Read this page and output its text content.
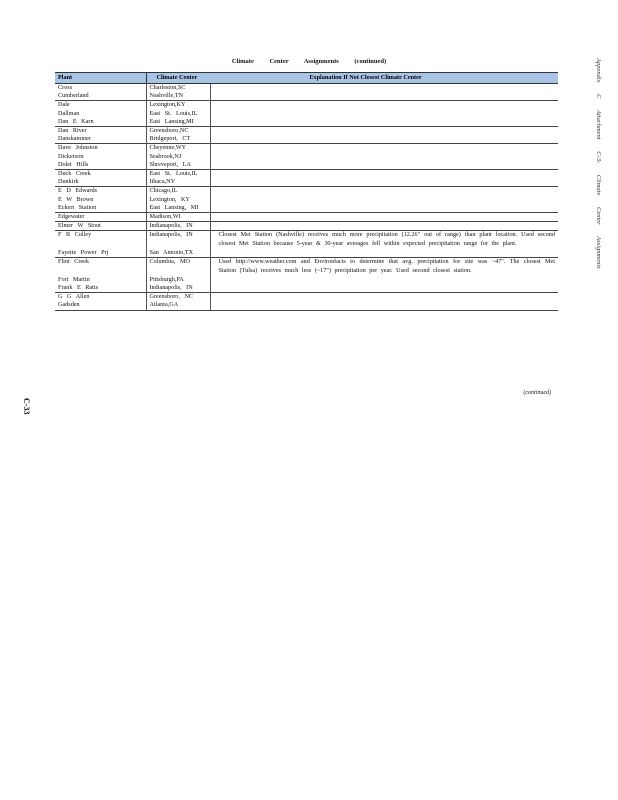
Climate Center Assignments (continued)
Plant	Climate Center	Explanation If Not Closest Climate Center
Cross	Charleston,SC	
Cumberland	Nashville,TN	
Dale	Lexington,KY	
Dallman	East St. Louis,IL	
Dan E Karn	East Lansing,MI	
Dan River	Greensboro,NC	
Danskammer	Bridgeport, CT	
Dave Johnston	Cheyenne,WY	
Dickerson	Seabrook,NJ	
Dolet Hills	Shreveport, LA	
Duck Creek	East St. Louis,IL	
Dunkirk	Ithaca,NY	
E D Edwards	Chicago,IL	
E W Brown	Lexington, KY	
Eckert Station	East Lansing, MI	
Edgewater	Madison,WI	
Elmer W Stout	Indianapolis, IN	
F B Culley	Indianapolis, IN	Closest Met Station (Nashville) receives much more precipitation (12.26" out of range) than plant location. Used second closest Met Station because 5-year & 30-year averages fell within expected precipitation range for the plant.
Fayette Power Prj	San Antonio,TX	
Flint Creek	Columbia, MO	Used http://www.weather.com and Environfacts to determine that avg. precipitation for site was ~47". The closest Met Station (Tulsa) receives much less (~17") precipitation per year. Used second closest station.
Fort Martin	Pittsburgh,PA	
Frank E Ratts	Indianapolis, IN	
G G Allen	Greensboro, NC	
Gadsden	Atlanta,GA	
(continued)
Appendix C Attachment C-3: Climate Center Assignments
C-33
